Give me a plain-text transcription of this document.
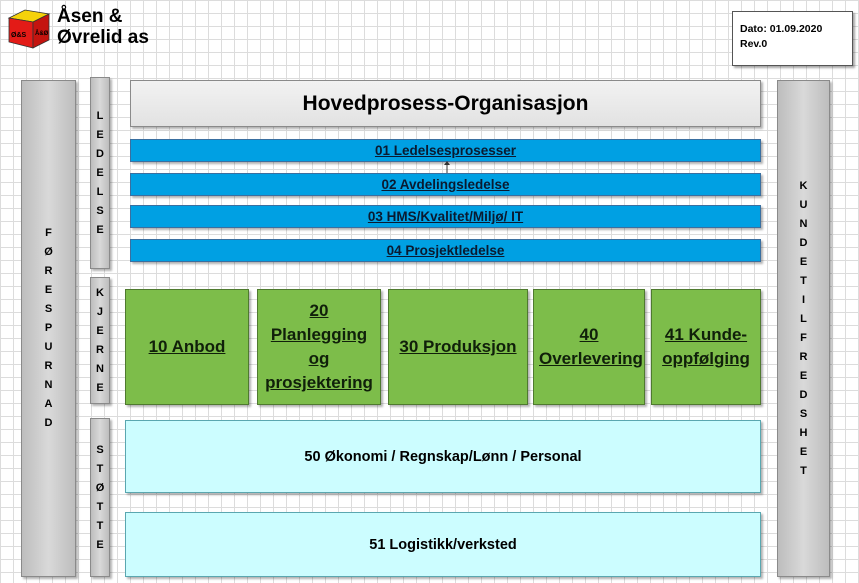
Ø&S Å&Ø
Åsen &
Øvrelid as	Dato: 01.09.2020
Rev.0
F
Ø
R
E
S
P
U
R
N
A
D
K
U
N
D
E
T
I
L
F
R
E
D
S
H
E
T
L
E
D
E
L
S
E
K
J
E
R
N
E
S
T
Ø
T
T
E
Hovedprosess-Organisasjon
01 Ledelsesprosesser
02 Avdelingsledelse
03 HMS/Kvalitet/Miljø/ IT
04 Prosjektledelse
10 Anbod
20 Planlegging og prosjektering
30 Produksjon
40 Overlevering
41 Kunde-oppfølging
50 Økonomi / Regnskap/Lønn / Personal
51 Logistikk/verksted
